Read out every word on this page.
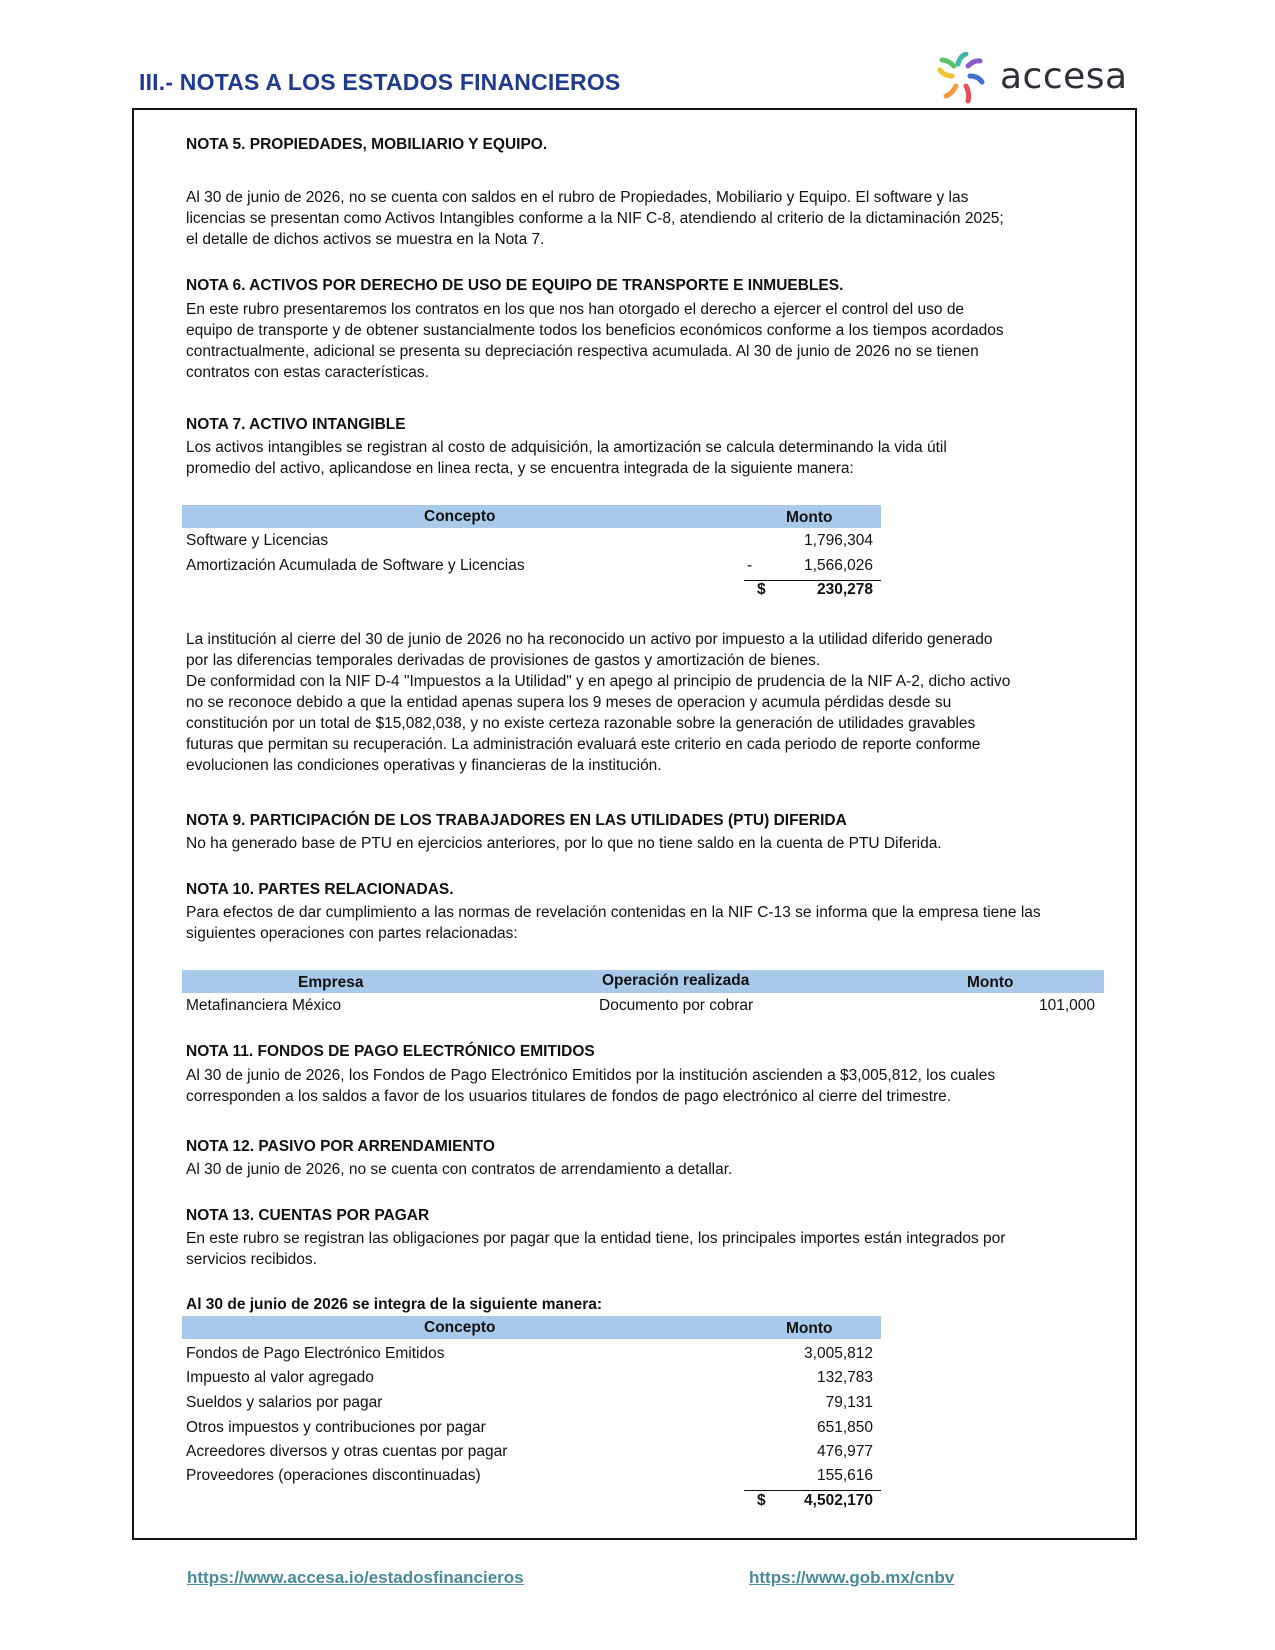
III.- NOTAS A LOS ESTADOS FINANCIEROS	accesa
NOTA 5. PROPIEDADES, MOBILIARIO Y EQUIPO.
Al 30 de junio de 2026, no se cuenta con saldos en el rubro de Propiedades, Mobiliario y Equipo. El software y las
licencias se presentan como Activos Intangibles conforme a la NIF C-8, atendiendo al criterio de la dictaminación 2025;
el detalle de dichos activos se muestra en la Nota 7.
NOTA 6. ACTIVOS POR DERECHO DE USO DE EQUIPO DE TRANSPORTE E INMUEBLES.
En este rubro presentaremos los contratos en los que nos han otorgado el derecho a ejercer el control del uso de
equipo de transporte y de obtener sustancialmente todos los beneficios económicos conforme a los tiempos acordados
contractualmente, adicional se presenta su depreciación respectiva acumulada. Al 30 de junio de 2026 no se tienen
contratos con estas características.
NOTA 7. ACTIVO INTANGIBLE
Los activos intangibles se registran al costo de adquisición, la amortización se calcula determinando la vida útil
promedio del activo, aplicandose en linea recta, y se encuentra integrada de la siguiente manera:
Concepto	Monto
Software y Licencias	1,796,304
Amortización Acumulada de Software y Licencias	-	1,566,026
$	230,278
La institución al cierre del 30 de junio de 2026 no ha reconocido un activo por impuesto a la utilidad diferido generado
por las diferencias temporales derivadas de provisiones de gastos y amortización de bienes.
De conformidad con la NIF D-4 "Impuestos a la Utilidad" y en apego al principio de prudencia de la NIF A-2, dicho activo
no se reconoce debido a que la entidad apenas supera los 9 meses de operacion y acumula pérdidas desde su
constitución por un total de $15,082,038, y no existe certeza razonable sobre la generación de utilidades gravables
futuras que permitan su recuperación. La administración evaluará este criterio en cada periodo de reporte conforme
evolucionen las condiciones operativas y financieras de la institución.
NOTA 9. PARTICIPACIÓN DE LOS TRABAJADORES EN LAS UTILIDADES (PTU) DIFERIDA
No ha generado base de PTU en ejercicios anteriores, por lo que no tiene saldo en la cuenta de PTU Diferida.
NOTA 10. PARTES RELACIONADAS.
Para efectos de dar cumplimiento a las normas de revelación contenidas en la NIF C-13 se informa que la empresa tiene las
siguientes operaciones con partes relacionadas:
Empresa	Operación realizada	Monto
Metafinanciera México	Documento por cobrar	101,000
NOTA 11. FONDOS DE PAGO ELECTRÓNICO EMITIDOS
Al 30 de junio de 2026, los Fondos de Pago Electrónico Emitidos por la institución ascienden a $3,005,812, los cuales
corresponden a los saldos a favor de los usuarios titulares de fondos de pago electrónico al cierre del trimestre.
NOTA 12. PASIVO POR ARRENDAMIENTO
Al 30 de junio de 2026, no se cuenta con contratos de arrendamiento a detallar.
NOTA 13. CUENTAS POR PAGAR
En este rubro se registran las obligaciones por pagar que la entidad tiene, los principales importes están integrados por
servicios recibidos.
Al 30 de junio de 2026 se integra de la siguiente manera:
Concepto	Monto
Fondos de Pago Electrónico Emitidos	3,005,812
Impuesto al valor agregado	132,783
Sueldos y salarios por pagar	79,131
Otros impuestos y contribuciones por pagar	651,850
Acreedores diversos y otras cuentas por pagar	476,977
Proveedores (operaciones discontinuadas)	155,616
$ 4,502,170
https://www.accesa.io/estadosfinancieros	https://www.gob.mx/cnbv
